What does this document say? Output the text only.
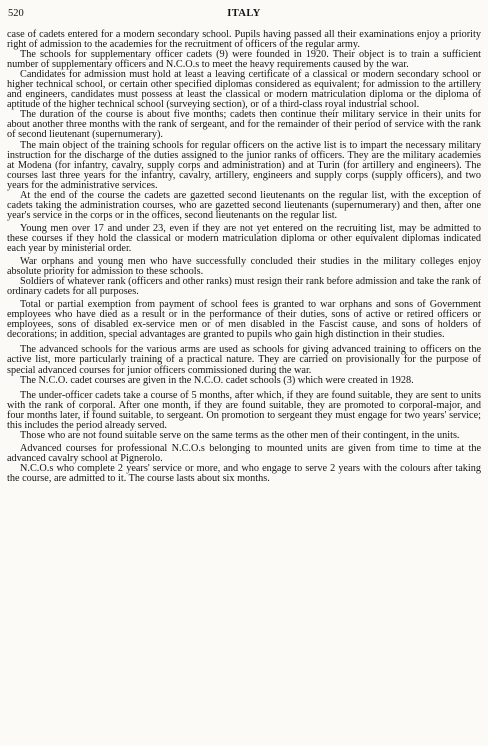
520	ITALY

case of cadets entered for a modern secondary school. Pupils having passed all their examinations enjoy a priority right of admission to the academies for the recruitment of officers of the regular army.

The schools for supplementary officer cadets (9) were founded in 1920. Their object is to train a sufficient number of supplementary officers and N.C.O.s to meet the heavy requirements caused by the war.

Candidates for admission must hold at least a leaving certificate of a classical or modern secondary school or higher technical school, or certain other specified diplomas considered as equivalent; for admission to the artillery and engineers, candidates must possess at least the classical or modern matriculation diploma or the diploma of aptitude of the higher technical school (surveying section), or of a third-class royal industrial school.

The duration of the course is about five months; cadets then continue their military service in their units for about another three months with the rank of sergeant, and for the remainder of their period of service with the rank of second lieutenant (supernumerary).

The main object of the training schools for regular officers on the active list is to impart the necessary military instruction for the discharge of the duties assigned to the junior ranks of officers. They are the military academies at Modena (for infantry, cavalry, supply corps and administration) and at Turin (for artillery and engineers). The courses last three years for the infantry, cavalry, artillery, engineers and supply corps (supply officers), and two years for the administrative services.

At the end of the course the cadets are gazetted second lieutenants on the regular list, with the exception of cadets taking the administration courses, who are gazetted second lieutenants (supernumerary) and then, after one year's service in the corps or in the offices, second lieutenants on the regular list.

Young men over 17 and under 23, even if they are not yet entered on the recruiting list, may be admitted to these courses if they hold the classical or modern matriculation diploma or other equivalent diplomas indicated each year by ministerial order.

War orphans and young men who have successfully concluded their studies in the military colleges enjoy absolute priority for admission to these schools.

Soldiers of whatever rank (officers and other ranks) must resign their rank before admission and take the rank of ordinary cadets for all purposes.

Total or partial exemption from payment of school fees is granted to war orphans and sons of Government employees who have died as a result or in the performance of their duties, sons of active or retired officers or employees, sons of disabled ex-service men or of men disabled in the Fascist cause, and sons of holders of decorations; in addition, special advantages are granted to pupils who gain high distinction in their studies.

The advanced schools for the various arms are used as schools for giving advanced training to officers on the active list, more particularly training of a practical nature. They are carried on provisionally for the purpose of special advanced courses for junior officers commissioned during the war.

The N.C.O. cadet courses are given in the N.C.O. cadet schools (3) which were created in 1928.

The under-officer cadets take a course of 5 months, after which, if they are found suitable, they are sent to units with the rank of corporal. After one month, if they are found suitable, they are promoted to corporal-major, and four months later, if found suitable, to sergeant. On promotion to sergeant they must engage for two years' service; this includes the period already served.

Those who are not found suitable serve on the same terms as the other men of their contingent, in the units.

Advanced courses for professional N.C.O.s belonging to mounted units are given from time to time at the advanced cavalry school at Pignerolo.

N.C.O.s who complete 2 years' service or more, and who engage to serve 2 years with the colours after taking the course, are admitted to it. The course lasts about six months.
